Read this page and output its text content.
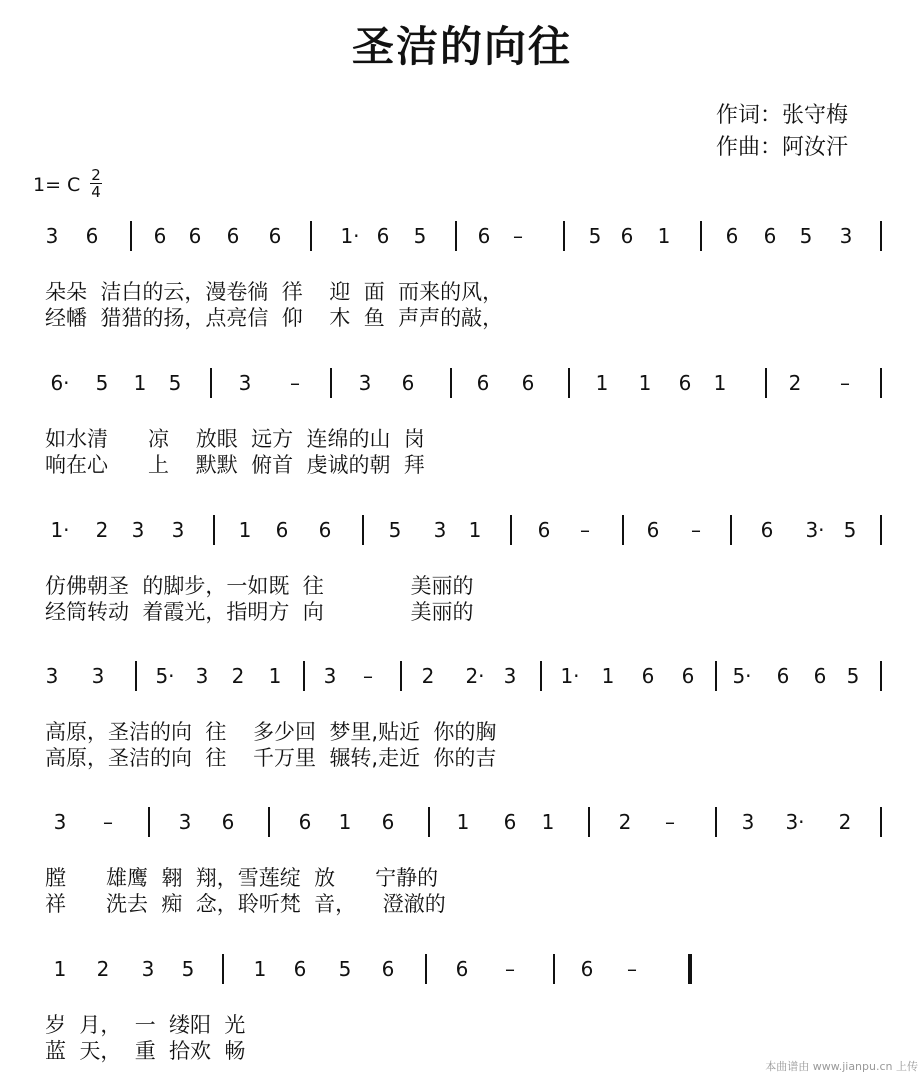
圣洁的向往
作词：张守梅
作曲：阿汝汗
1= C 2
4
3 6	6 6 6 6	1· 6 5	6 –	5 6 1	6 6 5 3
朵朵  洁白的云，漫卷徜  徉    迎  面  而来的风，
经幡  猎猎的扬，点亮信  仰    木  鱼  声声的敲，
6· 5 1 5	3 –	3 6	6 6	1 1 6 1	2 –
如水清      凉    放眼  远方  连绵的山  岗
响在心      上    默默  俯首  虔诚的朝  拜
1· 2 3 3	1 6 6	5 3 1	6 –	6 –	6 3· 5
仿佛朝圣  的脚步，一如既  往             美丽的
经筒转动  着霞光，指明方  向             美丽的
3 3	5· 3 2 1 3 – 2 2· 3 1· 1 6 6 5· 6 6 5
高原，圣洁的向  往    多少回  梦里,贴近  你的胸
高原，圣洁的向  往    千万里  辗转,走近  你的吉
3 –	3 6	6 1 6	1 6 1	2 –	3 3· 2
膛      雄鹰  翱  翔，雪莲绽  放      宁静的
祥      洗去  痴  念，聆听梵  音，    澄澈的
1 2 3 5	1 6 5 6	6 –	6 –
岁  月，  一  缕阳  光
蓝  天，  重  拾欢  畅
本曲谱由 www.jianpu.cn 上传
